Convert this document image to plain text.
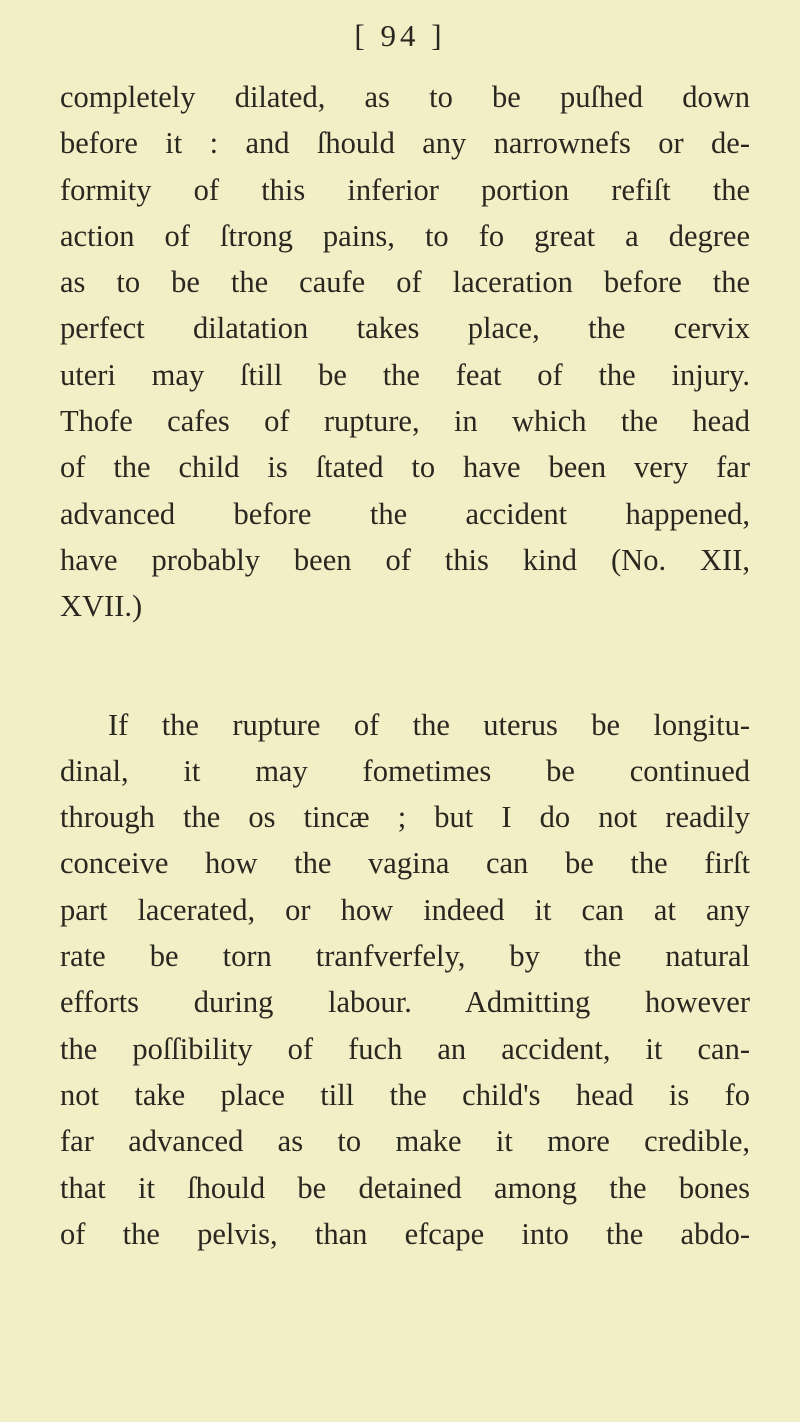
[ 94 ]
completely dilated, as to be puſhed down
before it : and ſhould any narrownefs or de-
formity of this inferior portion refiſt the
action of ſtrong pains, to fo great a degree
as to be the caufe of laceration before the
perfect dilatation takes place, the cervix
uteri may ſtill be the feat of the injury.
Thofe cafes of rupture, in which the head
of the child is ſtated to have been very far
advanced before the accident happened,
have probably been of this kind (No. XII,
XVII.)
If the rupture of the uterus be longitu-
dinal, it may fometimes be continued
through the os tincæ ; but I do not readily
conceive how the vagina can be the firſt
part lacerated, or how indeed it can at any
rate be torn tranfverfely, by the natural
efforts during labour. Admitting however
the poſſibility of fuch an accident, it can-
not take place till the child's head is fo
far advanced as to make it more credible,
that it ſhould be detained among the bones
of the pelvis, than efcape into the abdo-
